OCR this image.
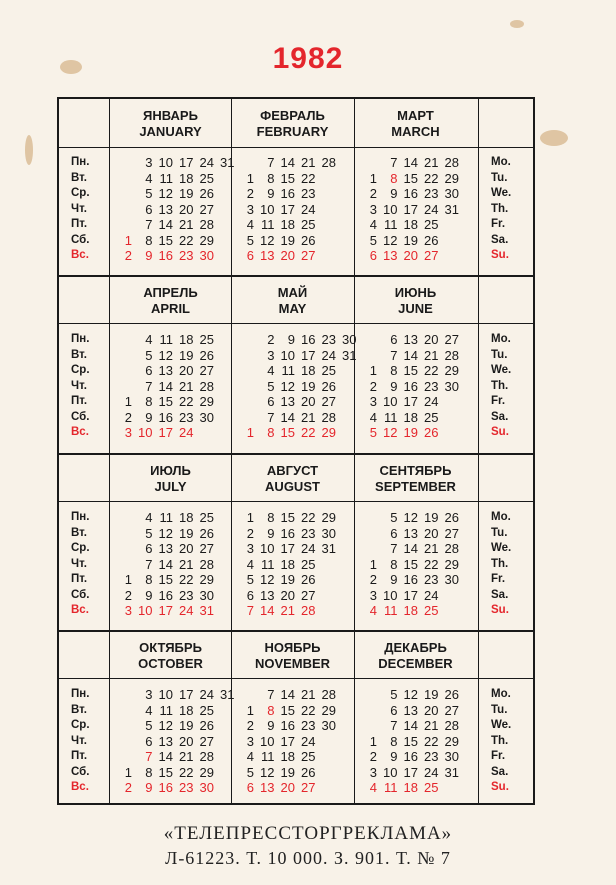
1982
Пн.
Вт.
Ср.
Чт.
Пт.
Сб.
Вс.
Mo.
Tu.
We.
Th.
Fr.
Sa.
Su.
Пн.
Вт.
Ср.
Чт.
Пт.
Сб.
Вс.
Mo.
Tu.
We.
Th.
Fr.
Sa.
Su.
Пн.
Вт.
Ср.
Чт.
Пт.
Сб.
Вс.
Mo.
Tu.
We.
Th.
Fr.
Sa.
Su.
Пн.
Вт.
Ср.
Чт.
Пт.
Сб.
Вс.
Mo.
Tu.
We.
Th.
Fr.
Sa.
Su.
ЯНВАРЬ
JANUARY
1
2
3
4
5
6
7
8
9
10
11
12
13
14
15
16
17
18
19
20
21
22
23
24
25
26
27
28
29
30
31
ФЕВРАЛЬ
FEBRUARY
1
2
3
4
5
6
7
8
9
10
11
12
13
14
15
16
17
18
19
20
21
22
23
24
25
26
27
28
МАРТ
MARCH
1
2
3
4
5
6
7
8
9
10
11
12
13
14
15
16
17
18
19
20
21
22
23
24
25
26
27
28
29
30
31
АПРЕЛЬ
APRIL
1
2
3
4
5
6
7
8
9
10
11
12
13
14
15
16
17
18
19
20
21
22
23
24
25
26
27
28
29
30
МАЙ
MAY
1
2
3
4
5
6
7
8
9
10
11
12
13
14
15
16
17
18
19
20
21
22
23
24
25
26
27
28
29
30
31
ИЮНЬ
JUNE
1
2
3
4
5
6
7
8
9
10
11
12
13
14
15
16
17
18
19
20
21
22
23
24
25
26
27
28
29
30
ИЮЛЬ
JULY
1
2
3
4
5
6
7
8
9
10
11
12
13
14
15
16
17
18
19
20
21
22
23
24
25
26
27
28
29
30
31
АВГУСТ
AUGUST
1
2
3
4
5
6
7
8
9
10
11
12
13
14
15
16
17
18
19
20
21
22
23
24
25
26
27
28
29
30
31
СЕНТЯБРЬ
SEPTEMBER
1
2
3
4
5
6
7
8
9
10
11
12
13
14
15
16
17
18
19
20
21
22
23
24
25
26
27
28
29
30
ОКТЯБРЬ
OCTOBER
1
2
3
4
5
6
7
8
9
10
11
12
13
14
15
16
17
18
19
20
21
22
23
24
25
26
27
28
29
30
31
НОЯБРЬ
NOVEMBER
1
2
3
4
5
6
7
8
9
10
11
12
13
14
15
16
17
18
19
20
21
22
23
24
25
26
27
28
29
30
ДЕКАБРЬ
DECEMBER
1
2
3
4
5
6
7
8
9
10
11
12
13
14
15
16
17
18
19
20
21
22
23
24
25
26
27
28
29
30
31
«ТЕЛЕПРЕССТОРГРЕКЛАМА»
Л-61223. Т. 10 000. З. 901. Т. № 7
